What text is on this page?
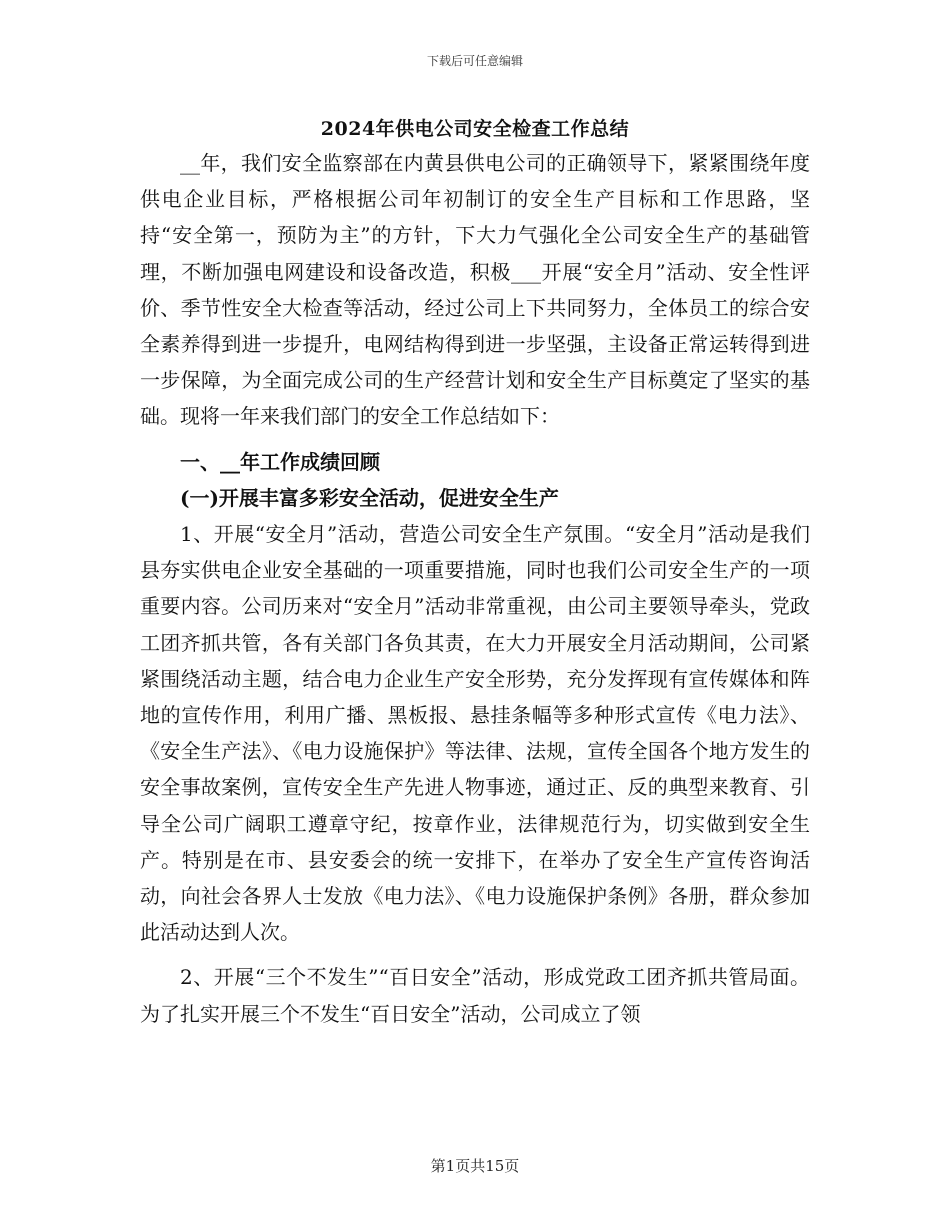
下载后可任意编辑
2024年供电公司安全检查工作总结

__年，我们安全监察部在内黄县供电公司的正确领导下，紧紧围绕年度供电企业目标，严格根据公司年初制订的安全生产目标和工作思路，坚持“安全第一，预防为主”的方针，下大力气强化全公司安全生产的基础管理，不断加强电网建设和设备改造，积极___开展“安全月”活动、安全性评价、季节性安全大检查等活动，经过公司上下共同努力，全体员工的综合安全素养得到进一步提升，电网结构得到进一步坚强，主设备正常运转得到进一步保障，为全面完成公司的生产经营计划和安全生产目标奠定了坚实的基础。现将一年来我们部门的安全工作总结如下：

一、__年工作成绩回顾

(一)开展丰富多彩安全活动，促进安全生产

1、开展“安全月”活动，营造公司安全生产氛围。“安全月”活动是我们县夯实供电企业安全基础的一项重要措施，同时也我们公司安全生产的一项重要内容。公司历来对“安全月”活动非常重视，由公司主要领导牵头，党政工团齐抓共管，各有关部门各负其责，在大力开展安全月活动期间，公司紧紧围绕活动主题，结合电力企业生产安全形势，充分发挥现有宣传媒体和阵地的宣传作用，利用广播、黑板报、悬挂条幅等多种形式宣传《电力法》、《安全生产法》、《电力设施保护》等法律、法规，宣传全国各个地方发生的安全事故案例，宣传安全生产先进人物事迹，通过正、反的典型来教育、引导全公司广阔职工遵章守纪，按章作业，法律规范行为，切实做到安全生产。特别是在市、县安委会的统一安排下，在举办了安全生产宣传咨询活动，向社会各界人士发放《电力法》、《电力设施保护条例》各册，群众参加此活动达到人次。

2、开展“三个不发生”“百日安全”活动，形成党政工团齐抓共管局面。为了扎实开展三个不发生“百日安全”活动，公司成立了领

第1页共15页
